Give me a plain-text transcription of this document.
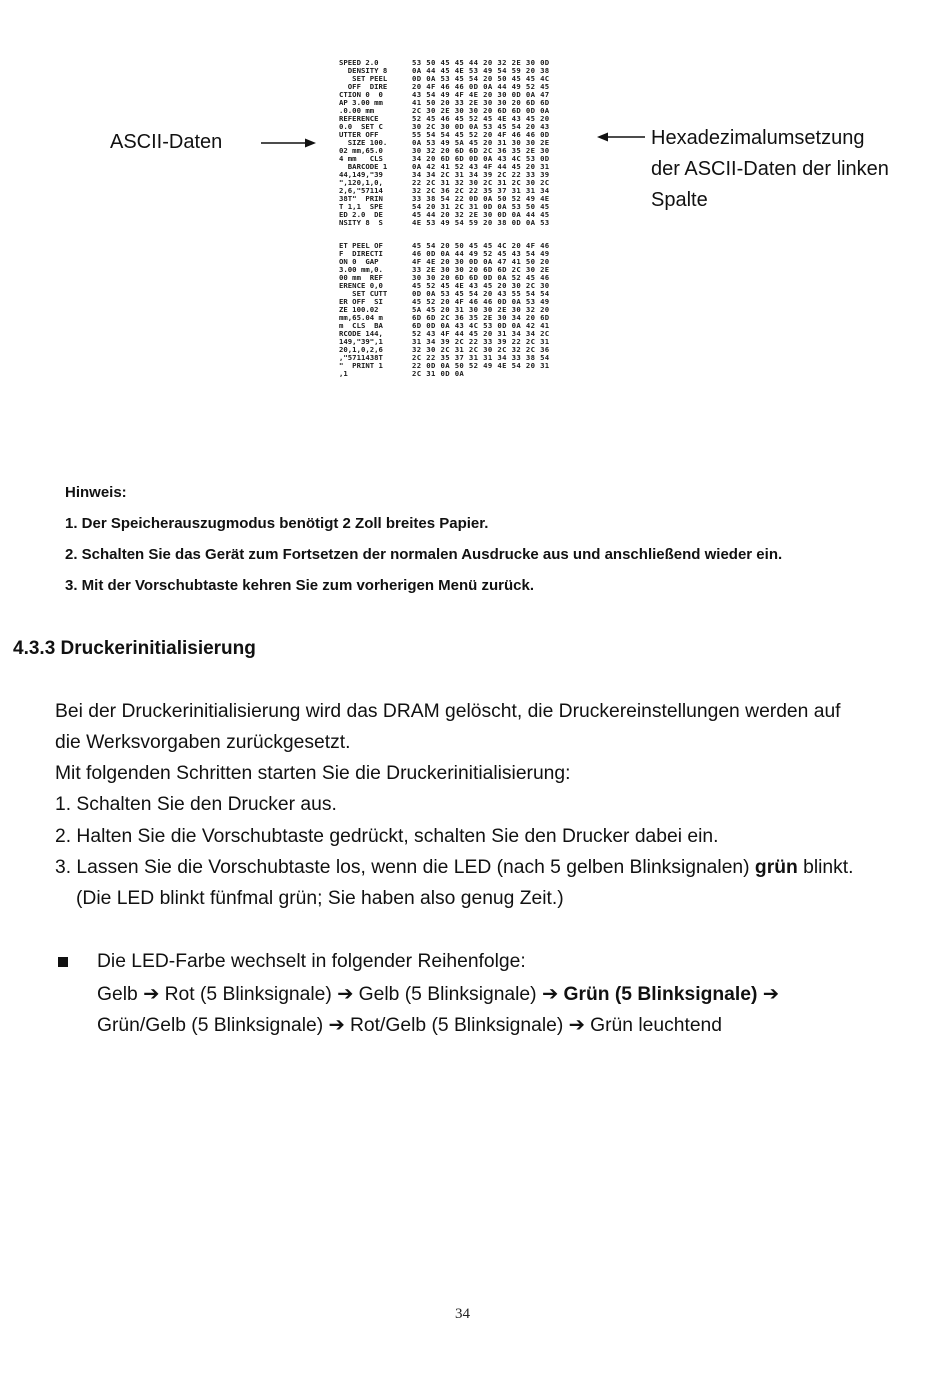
SPEED 2.0
DENSITY 8
SET PEEL
OFF  DIRE
CTION 0  0
AP 3.00 mm
.0.00 mm
REFERENCE
0.0  SET C
UTTER OFF
SIZE 100.
02 mm,65.0
4 mm   CLS
BARCODE 1
44,149,"39
",120,1,0,
2,6,"57114
38T"  PRIN
T 1,1  SPE
ED 2.0  DE
NSITY 8  S
ET PEEL OF
F  DIRECTI
ON 0  GAP
3.00 mm,0.
00 mm  REF
ERENCE 0,0
SET CUTT
ER OFF  SI
ZE 100.02
mm,65.04 m
m  CLS  BA
RCODE 144,
149,"39",1
20,1,0,2,6
,"5711438T
"  PRINT 1
,1
53 50 45 45 44 20 32 2E 30 0D
0A 44 45 4E 53 49 54 59 20 38
0D 0A 53 45 54 20 50 45 45 4C
20 4F 46 46 0D 0A 44 49 52 45
43 54 49 4F 4E 20 30 0D 0A 47
41 50 20 33 2E 30 30 20 6D 6D
2C 30 2E 30 30 20 6D 6D 0D 0A
52 45 46 45 52 45 4E 43 45 20
30 2C 30 0D 0A 53 45 54 20 43
55 54 54 45 52 20 4F 46 46 0D
0A 53 49 5A 45 20 31 30 30 2E
30 32 20 6D 6D 2C 36 35 2E 30
34 20 6D 6D 0D 0A 43 4C 53 0D
0A 42 41 52 43 4F 44 45 20 31
34 34 2C 31 34 39 2C 22 33 39
22 2C 31 32 30 2C 31 2C 30 2C
32 2C 36 2C 22 35 37 31 31 34
33 38 54 22 0D 0A 50 52 49 4E
54 20 31 2C 31 0D 0A 53 50 45
45 44 20 32 2E 30 0D 0A 44 45
4E 53 49 54 59 20 38 0D 0A 53
45 54 20 50 45 45 4C 20 4F 46
46 0D 0A 44 49 52 45 43 54 49
4F 4E 20 30 0D 0A 47 41 50 20
33 2E 30 30 20 6D 6D 2C 30 2E
30 30 20 6D 6D 0D 0A 52 45 46
45 52 45 4E 43 45 20 30 2C 30
0D 0A 53 45 54 20 43 55 54 54
45 52 20 4F 46 46 0D 0A 53 49
5A 45 20 31 30 30 2E 30 32 20
6D 6D 2C 36 35 2E 30 34 20 6D
6D 0D 0A 43 4C 53 0D 0A 42 41
52 43 4F 44 45 20 31 34 34 2C
31 34 39 2C 22 33 39 22 2C 31
32 30 2C 31 2C 30 2C 32 2C 36
2C 22 35 37 31 31 34 33 38 54
22 0D 0A 50 52 49 4E 54 20 31
2C 31 0D 0A
ASCII-Daten	Hexadezimalumsetzung
der ASCII-Daten der linken
Spalte
Hinweis:
1. Der Speicherauszugmodus benötigt 2 Zoll breites Papier.
2. Schalten Sie das Gerät zum Fortsetzen der normalen Ausdrucke aus und anschließend wieder ein.
3. Mit der Vorschubtaste kehren Sie zum vorherigen Menü zurück.
4.3.3 Druckerinitialisierung
Bei der Druckerinitialisierung wird das DRAM gelöscht, die Druckereinstellungen werden auf
die Werksvorgaben zurückgesetzt.
Mit folgenden Schritten starten Sie die Druckerinitialisierung:
1. Schalten Sie den Drucker aus.
2. Halten Sie die Vorschubtaste gedrückt, schalten Sie den Drucker dabei ein.
3. Lassen Sie die Vorschubtaste los, wenn die LED (nach 5 gelben Blinksignalen) grün blinkt.
(Die LED blinkt fünfmal grün; Sie haben also genug Zeit.)
Die LED-Farbe wechselt in folgender Reihenfolge:
Gelb ➔ Rot (5 Blinksignale) ➔ Gelb (5 Blinksignale) ➔ Grün (5 Blinksignale) ➔
Grün/Gelb (5 Blinksignale) ➔ Rot/Gelb (5 Blinksignale) ➔ Grün leuchtend
34
